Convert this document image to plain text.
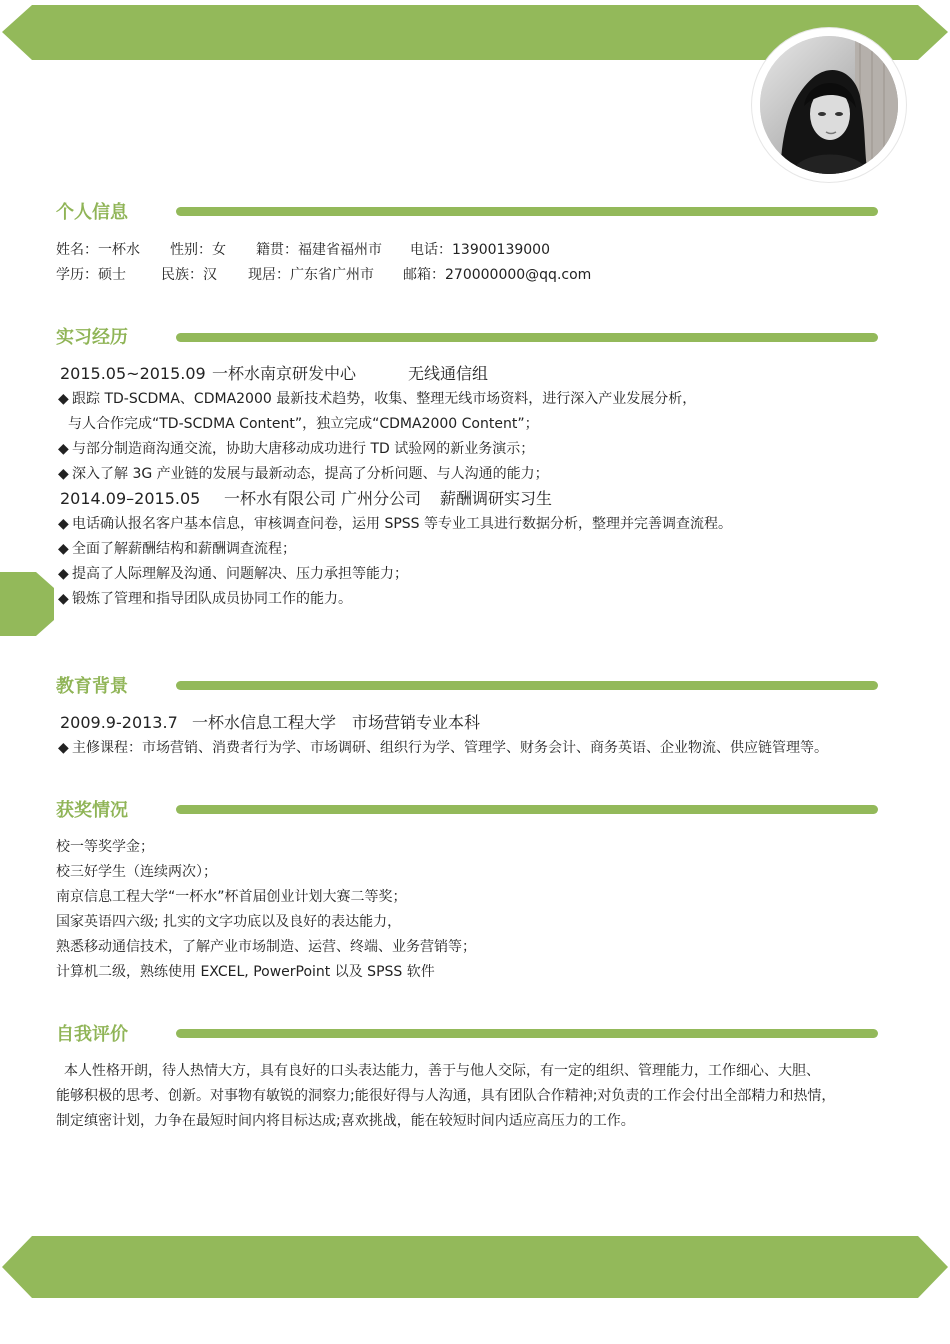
个人信息
姓名：一杯水 性别：女 籍贯：福建省福州市 电话：13900139000
学历：硕士	民族：汉 现居：广东省广州市 邮箱：270000000@qq.com
实习经历
2015.05~2015.09 一杯水南京研发中心	无线通信组
◆ 跟踪 TD-SCDMA、CDMA2000 最新技术趋势，收集、整理无线市场资料，进行深入产业发展分析，
与人合作完成“TD-SCDMA Content”，独立完成“CDMA2000 Content”；
◆ 与部分制造商沟通交流，协助大唐移动成功进行 TD 试验网的新业务演示；
◆ 深入了解 3G 产业链的发展与最新动态，提高了分析问题、与人沟通的能力；
2014.09–2015.05 一杯水有限公司 广州分公司 薪酬调研实习生
◆ 电话确认报名客户基本信息，审核调查问卷，运用 SPSS 等专业工具进行数据分析，整理并完善调查流程。
◆ 全面了解薪酬结构和薪酬调查流程；
◆ 提高了人际理解及沟通、问题解决、压力承担等能力；
◆ 锻炼了管理和指导团队成员协同工作的能力。
教育背景
2009.9-2013.7 一杯水信息工程大学 市场营销专业本科
◆ 主修课程：市场营销、消费者行为学、市场调研、组织行为学、管理学、财务会计、商务英语、企业物流、供应链管理等。
获奖情况
校一等奖学金；
校三好学生（连续两次）；
南京信息工程大学“一杯水”杯首届创业计划大赛二等奖；
国家英语四六级; 扎实的文字功底以及良好的表达能力，
熟悉移动通信技术，了解产业市场制造、运营、终端、业务营销等；
计算机二级，熟练使用 EXCEL, PowerPoint 以及 SPSS 软件
自我评价
本人性格开朗，待人热情大方，具有良好的口头表达能力，善于与他人交际，有一定的组织、管理能力，工作细心、大胆、
能够积极的思考、创新。对事物有敏锐的洞察力;能很好得与人沟通，具有团队合作精神;对负责的工作会付出全部精力和热情，
制定缜密计划，力争在最短时间内将目标达成;喜欢挑战，能在较短时间内适应高压力的工作。
